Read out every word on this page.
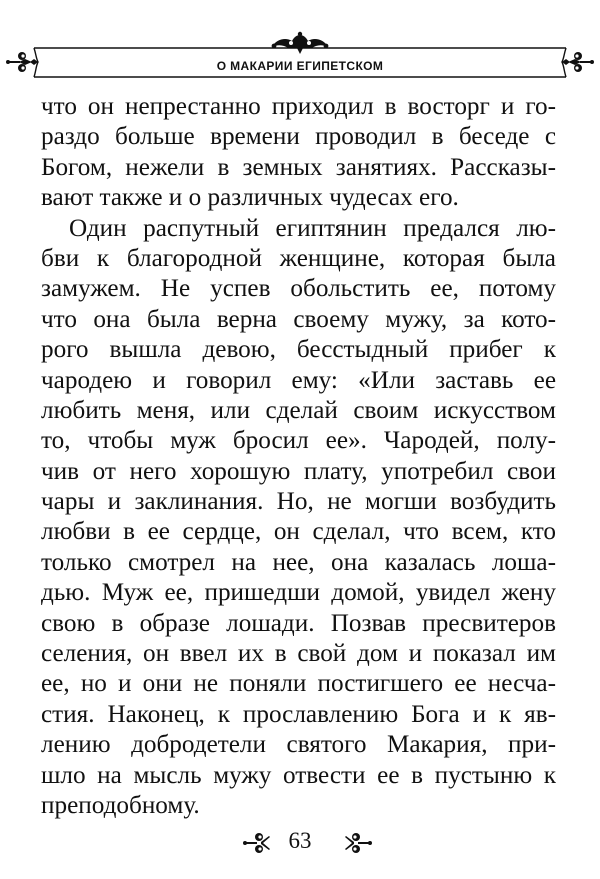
О МАКАРИИ ЕГИПЕТСКОМ
что он непрестанно приходил в восторг и го-
раздо больше времени проводил в беседе с
Богом, нежели в земных занятиях. Рассказы-
вают также и о различных чудесах его.
Один распутный египтянин предался лю-
бви к благородной женщине, которая была
замужем. Не успев обольстить ее, потому
что она была верна своему мужу, за кото-
рого вышла девою, бесстыдный прибег к
чародею и говорил ему: «Или заставь ее
любить меня, или сделай своим искусством
то, чтобы муж бросил ее». Чародей, полу-
чив от него хорошую плату, употребил свои
чары и заклинания. Но, не могши возбудить
любви в ее сердце, он сделал, что всем, кто
только смотрел на нее, она казалась лоша-
дью. Муж ее, пришедши домой, увидел жену
свою в образе лошади. Позвав пресвитеров
селения, он ввел их в свой дом и показал им
ее, но и они не поняли постигшего ее несча-
стия. Наконец, к прославлению Бога и к яв-
лению добродетели святого Макария, при-
шло на мысль мужу отвести ее в пустыню к
преподобному.
63
